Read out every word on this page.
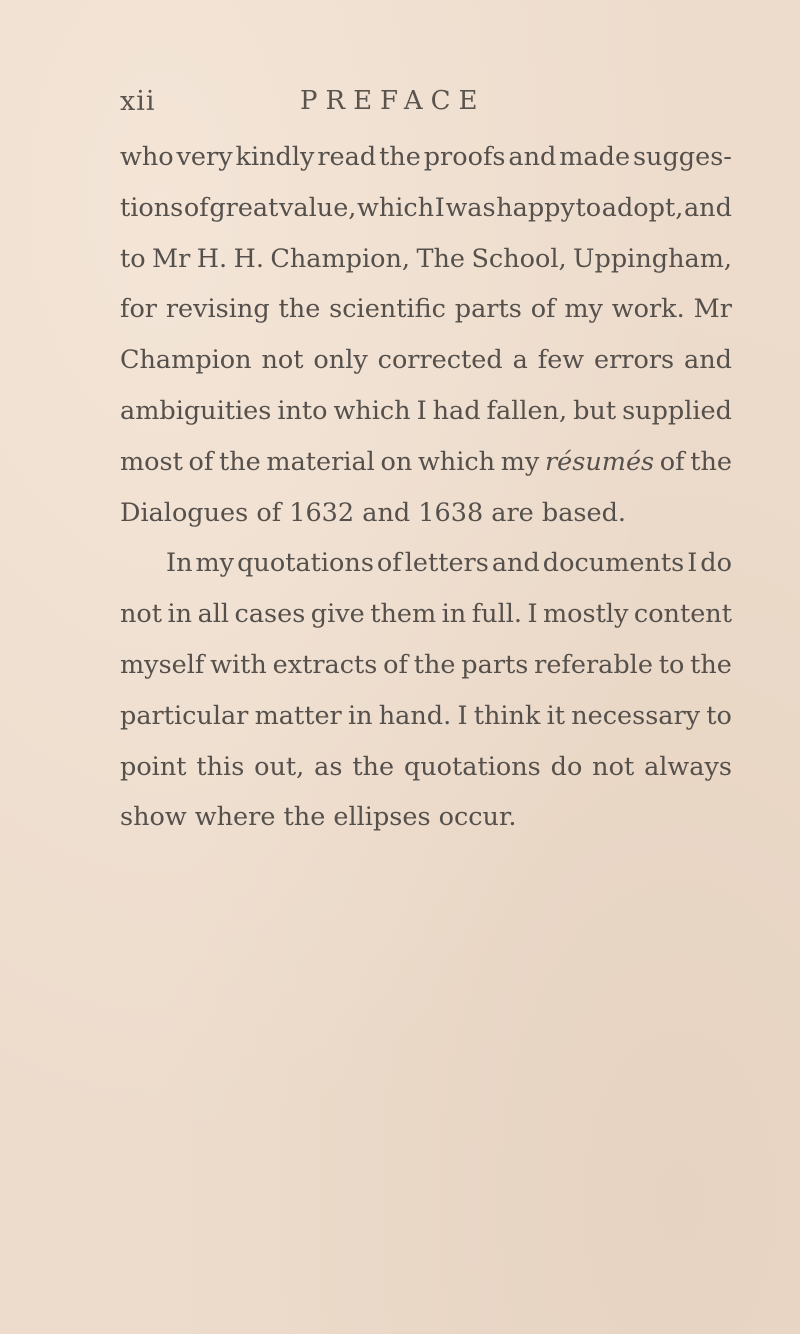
xii	PREFACE
who very kindly read the proofs and made sugges-
tions of great value, which I was happy to adopt, and
to Mr H. H. Champion, The School, Uppingham,
for revising the scientific parts of my work. Mr
Champion not only corrected a few errors and
ambiguities into which I had fallen, but supplied
most of the material on which my résumés of the
Dialogues of 1632 and 1638 are based.
In my quotations of letters and documents I do
not in all cases give them in full. I mostly content
myself with extracts of the parts referable to the
particular matter in hand. I think it necessary to
point this out, as the quotations do not always
show where the ellipses occur.
